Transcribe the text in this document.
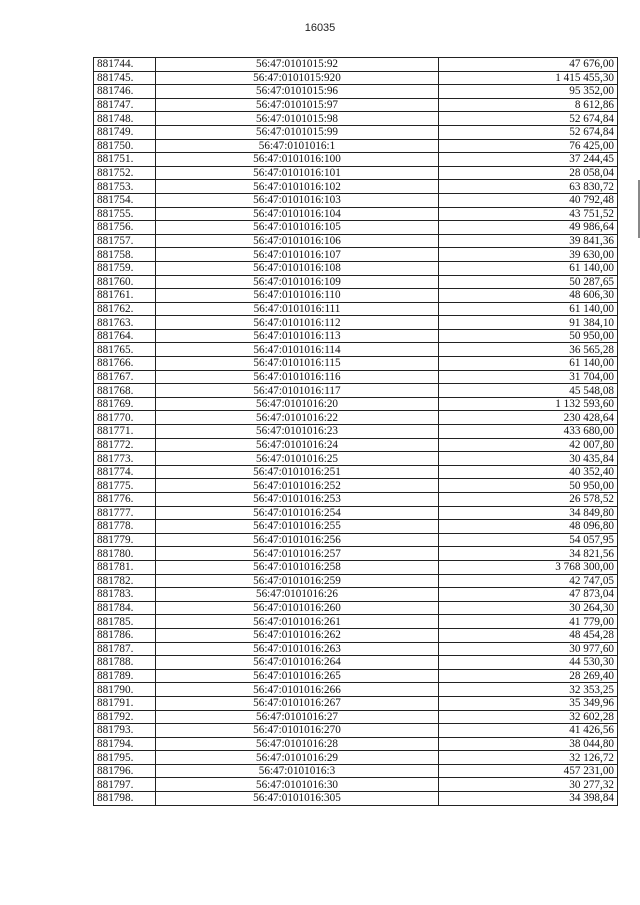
16035
881744.	56:47:0101015:92	47 676,00
881745.	56:47:0101015:920	1 415 455,30
881746.	56:47:0101015:96	95 352,00
881747.	56:47:0101015:97	8 612,86
881748.	56:47:0101015:98	52 674,84
881749.	56:47:0101015:99	52 674,84
881750.	56:47:0101016:1	76 425,00
881751.	56:47:0101016:100	37 244,45
881752.	56:47:0101016:101	28 058,04
881753.	56:47:0101016:102	63 830,72
881754.	56:47:0101016:103	40 792,48
881755.	56:47:0101016:104	43 751,52
881756.	56:47:0101016:105	49 986,64
881757.	56:47:0101016:106	39 841,36
881758.	56:47:0101016:107	39 630,00
881759.	56:47:0101016:108	61 140,00
881760.	56:47:0101016:109	50 287,65
881761.	56:47:0101016:110	48 606,30
881762.	56:47:0101016:111	61 140,00
881763.	56:47:0101016:112	91 384,10
881764.	56:47:0101016:113	50 950,00
881765.	56:47:0101016:114	36 565,28
881766.	56:47:0101016:115	61 140,00
881767.	56:47:0101016:116	31 704,00
881768.	56:47:0101016:117	45 548,08
881769.	56:47:0101016:20	1 132 593,60
881770.	56:47:0101016:22	230 428,64
881771.	56:47:0101016:23	433 680,00
881772.	56:47:0101016:24	42 007,80
881773.	56:47:0101016:25	30 435,84
881774.	56:47:0101016:251	40 352,40
881775.	56:47:0101016:252	50 950,00
881776.	56:47:0101016:253	26 578,52
881777.	56:47:0101016:254	34 849,80
881778.	56:47:0101016:255	48 096,80
881779.	56:47:0101016:256	54 057,95
881780.	56:47:0101016:257	34 821,56
881781.	56:47:0101016:258	3 768 300,00
881782.	56:47:0101016:259	42 747,05
881783.	56:47:0101016:26	47 873,04
881784.	56:47:0101016:260	30 264,30
881785.	56:47:0101016:261	41 779,00
881786.	56:47:0101016:262	48 454,28
881787.	56:47:0101016:263	30 977,60
881788.	56:47:0101016:264	44 530,30
881789.	56:47:0101016:265	28 269,40
881790.	56:47:0101016:266	32 353,25
881791.	56:47:0101016:267	35 349,96
881792.	56:47:0101016:27	32 602,28
881793.	56:47:0101016:270	41 426,56
881794.	56:47:0101016:28	38 044,80
881795.	56:47:0101016:29	32 126,72
881796.	56:47:0101016:3	457 231,00
881797.	56:47:0101016:30	30 277,32
881798.	56:47:0101016:305	34 398,84
